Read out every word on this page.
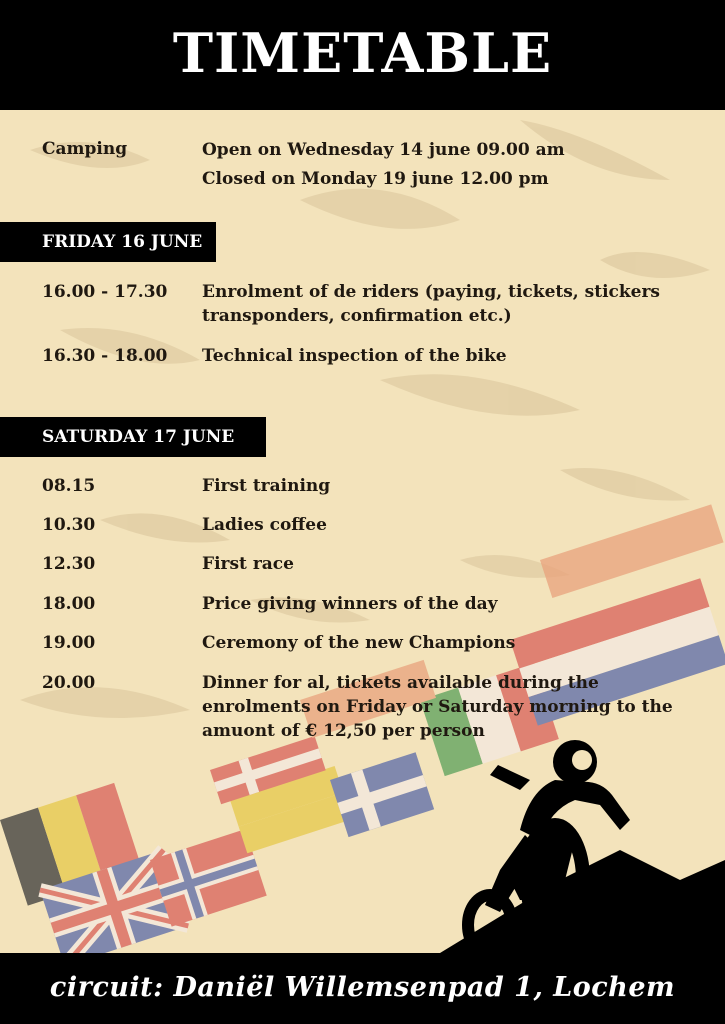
TIMETABLE
Camping	Open on Wednesday 14 june 09.00 am
Closed on Monday 19 june 12.00 pm
FRIDAY 16 JUNE
16.00 - 17.30	Enrolment of de riders (paying, tickets, stickers transponders, confirmation etc.)
16.30 - 18.00	Technical inspection of the bike
SATURDAY 17 JUNE
08.15	First training
10.30	Ladies coffee
12.30	First race
18.00	Price giving winners of the day
19.00	Ceremony of the new Champions
20.00	Dinner for al, tickets available during the enrolments on Friday or Saturday morning to the amuont of € 12,50 per person
circuit: Daniël Willemsenpad 1, Lochem
